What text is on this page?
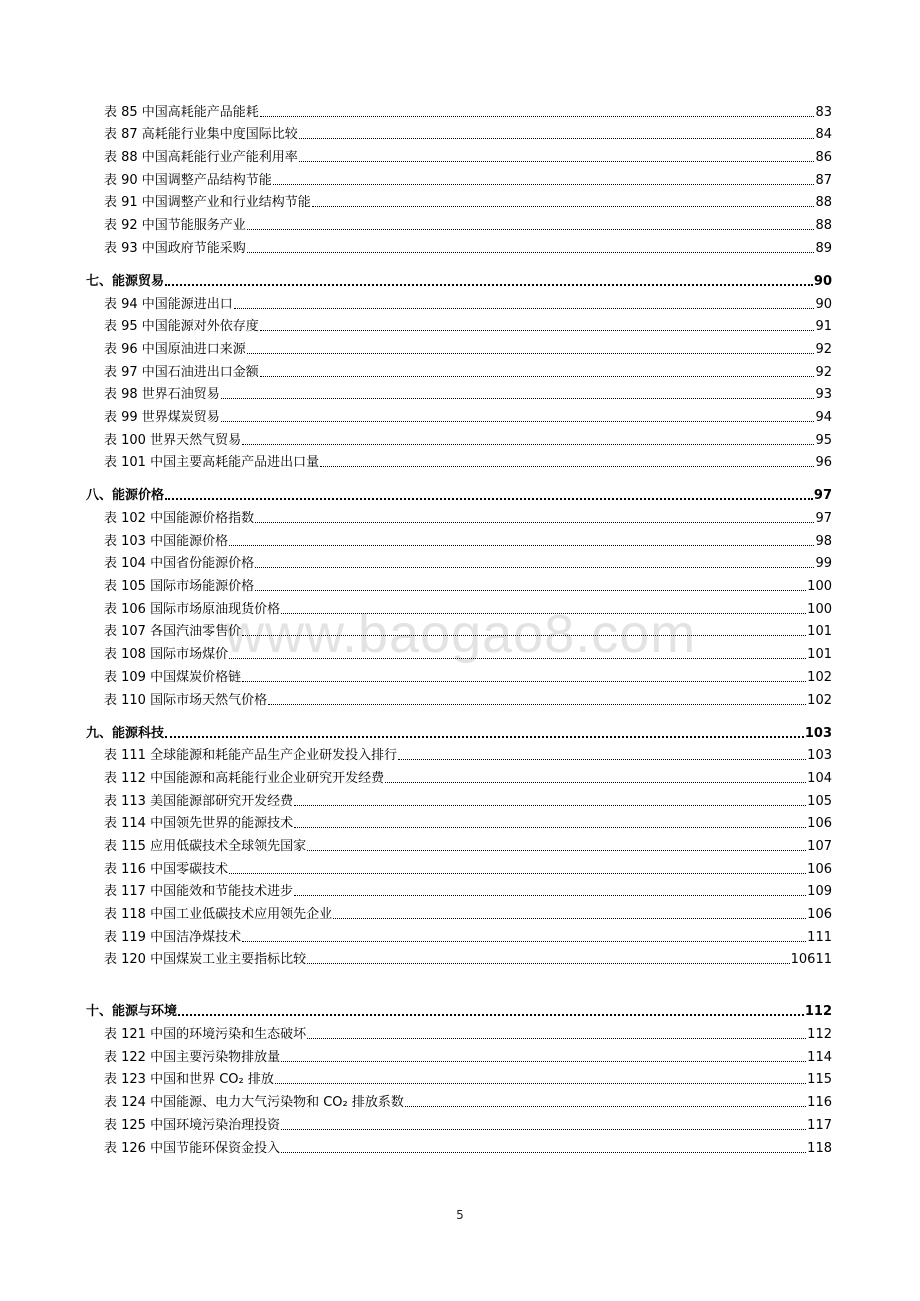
www.baogao8.com
表 85 中国高耗能产品能耗	83
表 87 高耗能行业集中度国际比较	84
表 88 中国高耗能行业产能利用率	86
表 90 中国调整产品结构节能	87
表 91 中国调整产业和行业结构节能	88
表 92 中国节能服务产业	88
表 93 中国政府节能采购	89
七、能源贸易	90
表 94 中国能源进出口	90
表 95 中国能源对外依存度	91
表 96 中国原油进口来源	92
表 97 中国石油进出口金额	92
表 98 世界石油贸易	93
表 99 世界煤炭贸易	94
表 100 世界天然气贸易	95
表 101 中国主要高耗能产品进出口量	96
八、能源价格	97
表 102 中国能源价格指数	97
表 103 中国能源价格	98
表 104 中国省份能源价格	99
表 105 国际市场能源价格	100
表 106 国际市场原油现货价格	100
表 107 各国汽油零售价	101
表 108 国际市场煤价	101
表 109 中国煤炭价格链	102
表 110 国际市场天然气价格	102
九、能源科技	103
表 111 全球能源和耗能产品生产企业研发投入排行	103
表 112 中国能源和高耗能行业企业研究开发经费	104
表 113 美国能源部研究开发经费	105
表 114 中国领先世界的能源技术	106
表 115 应用低碳技术全球领先国家	107
表 116 中国零碳技术	106
表 117 中国能效和节能技术进步	109
表 118 中国工业低碳技术应用领先企业	106
表 119 中国洁净煤技术	111
表 120 中国煤炭工业主要指标比较	10611
十、能源与环境	112
表 121 中国的环境污染和生态破坏	112
表 122 中国主要污染物排放量	114
表 123 中国和世界 CO₂ 排放	115
表 124 中国能源、电力大气污染物和 CO₂ 排放系数	116
表 125 中国环境污染治理投资	117
表 126 中国节能环保资金投入	118
5
